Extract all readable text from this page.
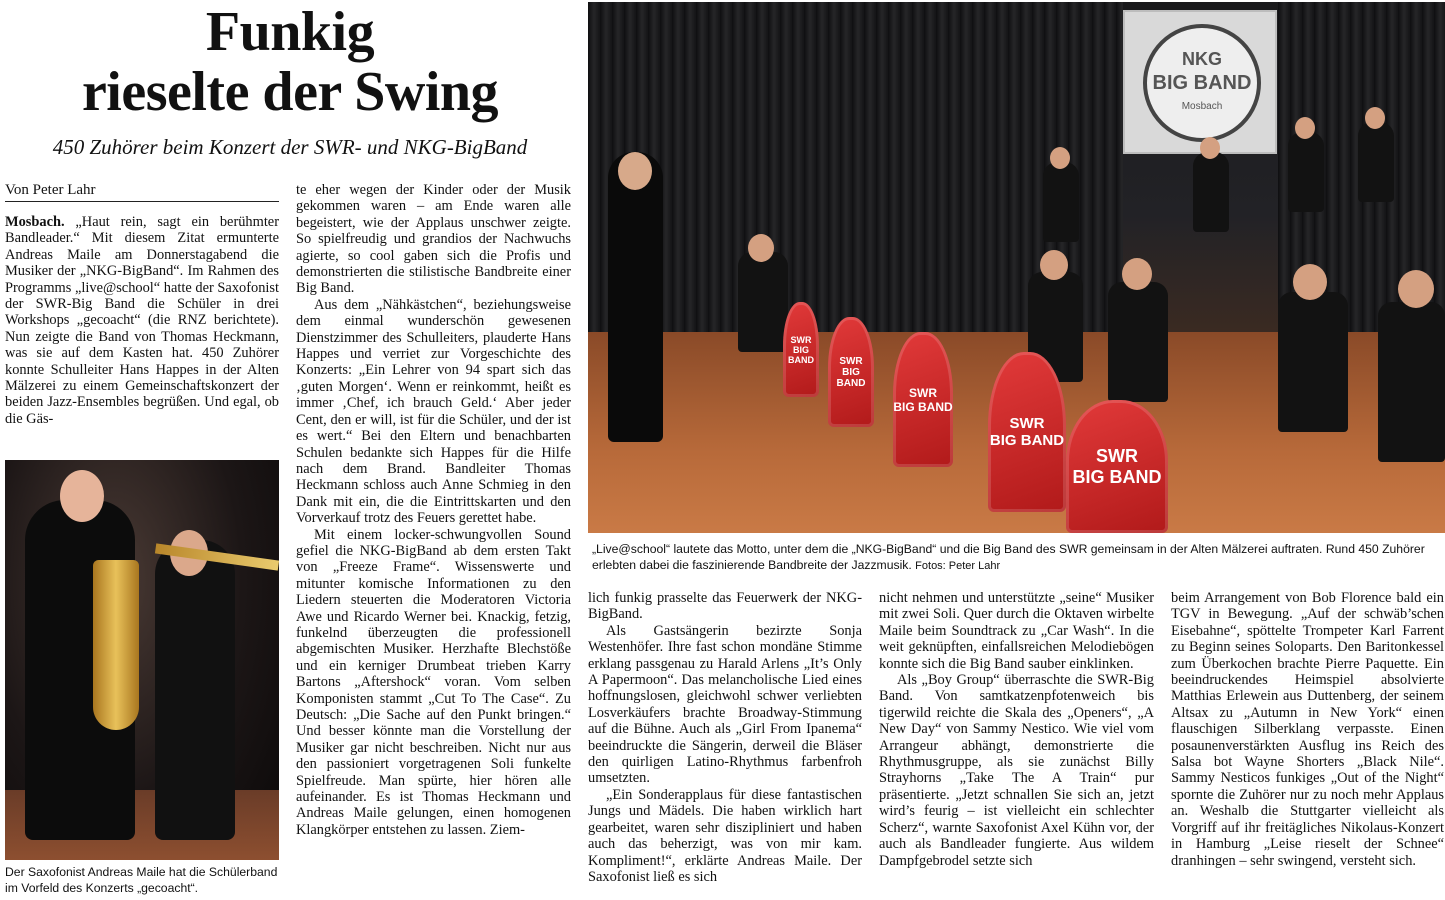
Funkig
rieselte der Swing
450 Zuhörer beim Konzert der SWR- und NKG-BigBand
Von Peter Lahr

Mosbach. „Haut rein, sagt ein berühmter Bandleader.“ Mit diesem Zitat ermunterte Andreas Maile am Donnerstagabend die Musiker der „NKG-BigBand“. Im Rahmen des Programms „live@school“ hatte der Saxofonist der SWR-Big Band die Schüler in drei Workshops „gecoacht“ (die RNZ berichtete). Nun zeigte die Band von Thomas Heckmann, was sie auf dem Kasten hat. 450 Zuhörer konnte Schulleiter Hans Happes in der Alten Mälzerei zu einem Gemeinschaftskonzert der beiden Jazz-Ensembles begrüßen. Und egal, ob die Gäs-

Der Saxofonist Andreas Maile hat die Schülerband im Vorfeld des Konzerts „gecoacht“.

te eher wegen der Kinder oder der Musik gekommen waren – am Ende waren alle begeistert, wie der Applaus unschwer zeigte. So spielfreudig und grandios der Nachwuchs agierte, so cool gaben sich die Profis und demonstrierten die stilistische Bandbreite einer Big Band.

Aus dem „Nähkästchen“, beziehungsweise dem einmal wunderschön gewesenen Dienstzimmer des Schulleiters, plauderte Hans Happes und verriet zur Vorgeschichte des Konzerts: „Ein Lehrer von 94 spart sich das ‚guten Morgen‘. Wenn er reinkommt, heißt es immer ‚Chef, ich brauch Geld.‘ Aber jeder Cent, den er will, ist für die Schüler, und der ist es wert.“ Bei den Eltern und benachbarten Schulen bedankte sich Happes für die Hilfe nach dem Brand. Bandleiter Thomas Heckmann schloss auch Anne Schmieg in den Dank mit ein, die die Eintrittskarten und den Vorverkauf trotz des Feuers gerettet habe.

Mit einem locker-schwungvollen Sound gefiel die NKG-BigBand ab dem ersten Takt von „Freeze Frame“. Wissenswerte und mitunter komische Informationen zu den Liedern steuerten die Moderatoren Victoria Awe und Ricardo Werner bei. Knackig, fetzig, funkelnd überzeugten die professionell abgemischten Musiker. Herzhafte Blechstöße und ein kerniger Drumbeat trieben Karry Bartons „Aftershock“ voran. Vom selben Komponisten stammt „Cut To The Case“. Zu Deutsch: „Die Sache auf den Punkt bringen.“ Und besser könnte man die Vorstellung der Musiker gar nicht beschreiben. Nicht nur aus den passioniert vorgetragenen Soli funkelte Spielfreude. Man spürte, hier hören alle aufeinander. Es ist Thomas Heckmann und Andreas Maile gelungen, einen homogenen Klangkörper entstehen zu lassen. Ziem-

NKG
BIG BAND
Mosbach
SWR
BIG BAND	SWR
BIG BAND
SWR
BIG BAND
SWR
BIG BAND
SWR
BIG BAND
„Live@school“ lautete das Motto, unter dem die „NKG-BigBand“ und die Big Band des SWR gemeinsam in der Alten Mälzerei auftraten. Rund 450 Zuhörer erlebten dabei die faszinierende Bandbreite der Jazzmusik. Fotos: Peter Lahr

lich funkig prasselte das Feuerwerk der NKG-BigBand.

Als Gastsängerin bezirzte Sonja Westenhöfer. Ihre fast schon mondäne Stimme erklang passgenau zu Harald Arlens „It’s Only A Papermoon“. Das melancholische Lied eines hoffnungslosen, gleichwohl schwer verliebten Losverkäufers brachte Broadway-Stimmung auf die Bühne. Auch als „Girl From Ipanema“ beeindruckte die Sängerin, derweil die Bläser den quirligen Latino-Rhythmus farbenfroh umsetzten.

„Ein Sonderapplaus für diese fantastischen Jungs und Mädels. Die haben wirklich hart gearbeitet, waren sehr diszipliniert und haben auch das beherzigt, was von mir kam. Kompliment!“, erklärte Andreas Maile. Der Saxofonist ließ es sich

nicht nehmen und unterstützte „seine“ Musiker mit zwei Soli. Quer durch die Oktaven wirbelte Maile beim Soundtrack zu „Car Wash“. In die weit geknüpften, einfallsreichen Melodiebögen konnte sich die Big Band sauber einklinken.

Als „Boy Group“ überraschte die SWR-Big Band. Von samtkatzenpfotenweich bis tigerwild reichte die Skala des „Openers“, „A New Day“ von Sammy Nestico. Wie viel vom Arrangeur abhängt, demonstrierte die Rhythmusgruppe, als sie zunächst Billy Strayhorns „Take The A Train“ pur präsentierte. „Jetzt schnallen Sie sich an, jetzt wird’s feurig – ist vielleicht ein schlechter Scherz“, warnte Saxofonist Axel Kühn vor, der auch als Bandleader fungierte. Aus wildem Dampfgebrodel setzte sich

beim Arrangement von Bob Florence bald ein TGV in Bewegung. „Auf der schwäb’schen Eisebahne“, spöttelte Trompeter Karl Farrent zu Beginn seines Soloparts. Den Baritonkessel zum Überkochen brachte Pierre Paquette. Ein beeindruckendes Heimspiel absolvierte Matthias Erlewein aus Duttenberg, der seinem Altsax zu „Autumn in New York“ einen flauschigen Silberklang verpasste. Einen posaunenverstärkten Ausflug ins Reich des Salsa bot Wayne Shorters „Black Nile“. Sammy Nesticos funkiges „Out of the Night“ spornte die Zuhörer nur zu noch mehr Applaus an. Weshalb die Stuttgarter vielleicht als Vorgriff auf ihr freitägliches Nikolaus-Konzert in Hamburg „Leise rieselt der Schnee“ dranhingen – sehr swingend, versteht sich.
